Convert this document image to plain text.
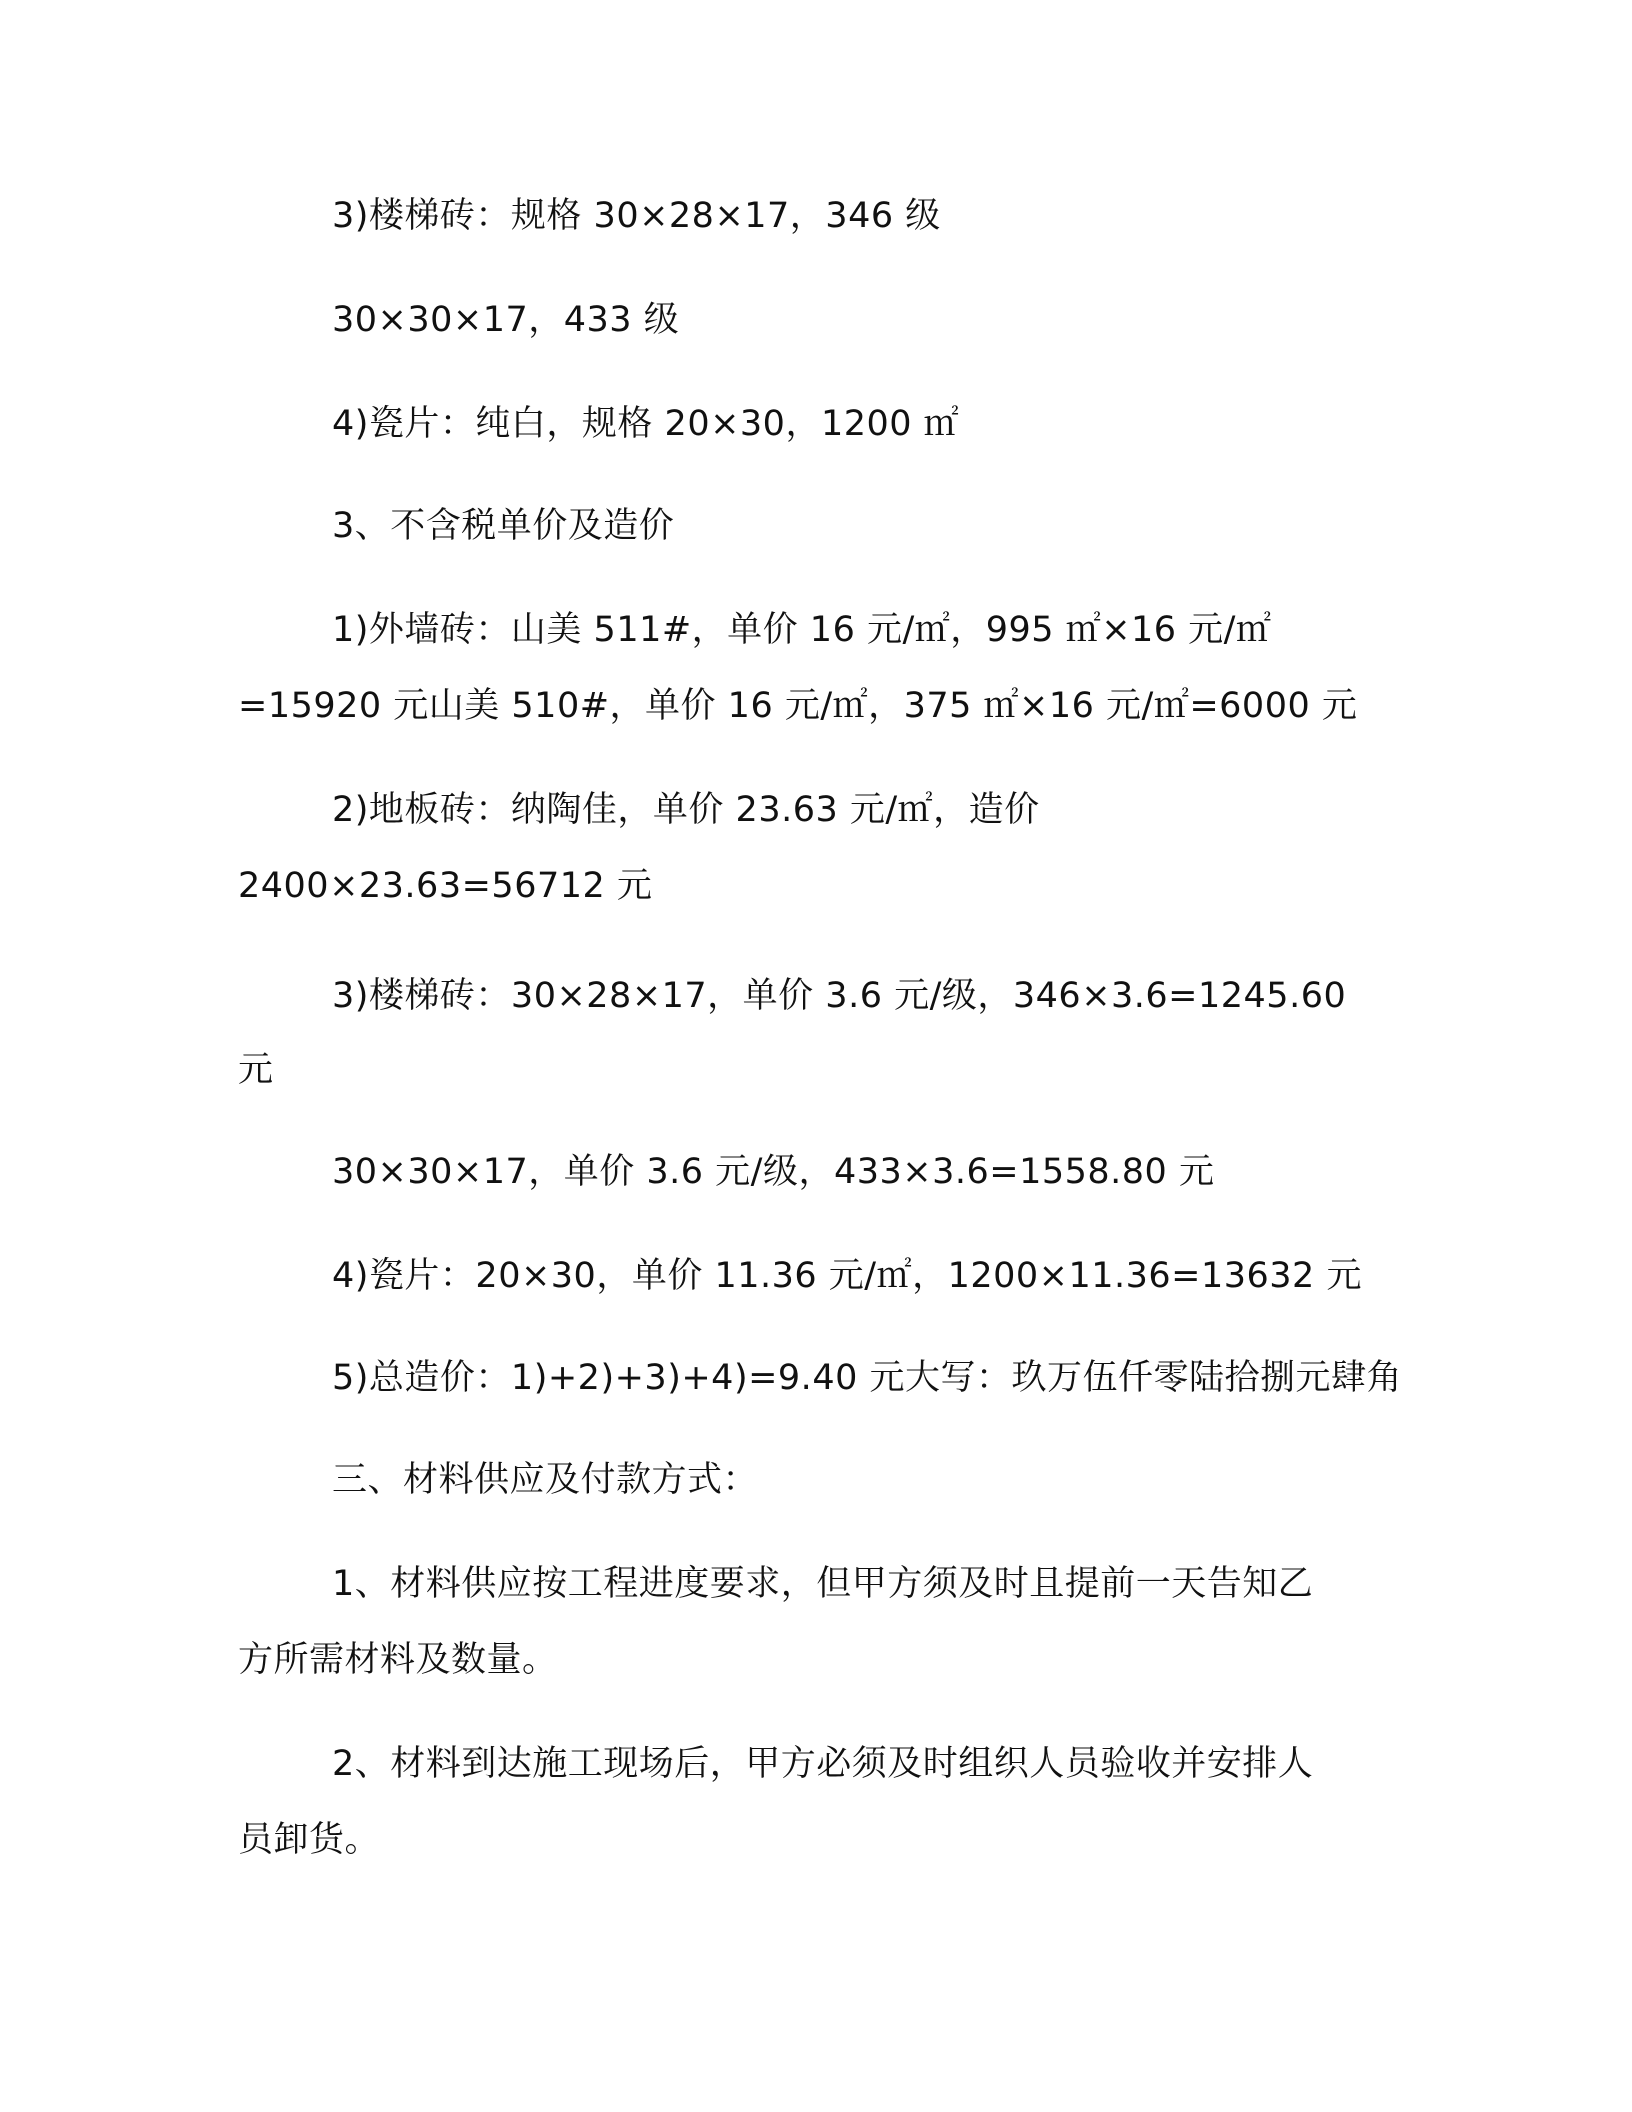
3)楼梯砖：规格 30×28×17，346 级
30×30×17，433 级
4)瓷片：纯白，规格 20×30，1200 ㎡
3、不含税单价及造价
1)外墙砖：山美 511#，单价 16 元/㎡，995 ㎡×16 元/㎡
=15920 元山美 510#，单价 16 元/㎡，375 ㎡×16 元/㎡=6000 元
2)地板砖：纳陶佳，单价 23.63 元/㎡，造价
2400×23.63=56712 元
3)楼梯砖：30×28×17，单价 3.6 元/级，346×3.6=1245.60
元
30×30×17，单价 3.6 元/级，433×3.6=1558.80 元
4)瓷片：20×30，单价 11.36 元/㎡，1200×11.36=13632 元
5)总造价：1)+2)+3)+4)=9.40 元大写：玖万伍仟零陆拾捌元肆角
三、材料供应及付款方式：
1、材料供应按工程进度要求，但甲方须及时且提前一天告知乙
方所需材料及数量。
2、材料到达施工现场后，甲方必须及时组织人员验收并安排人
员卸货。
